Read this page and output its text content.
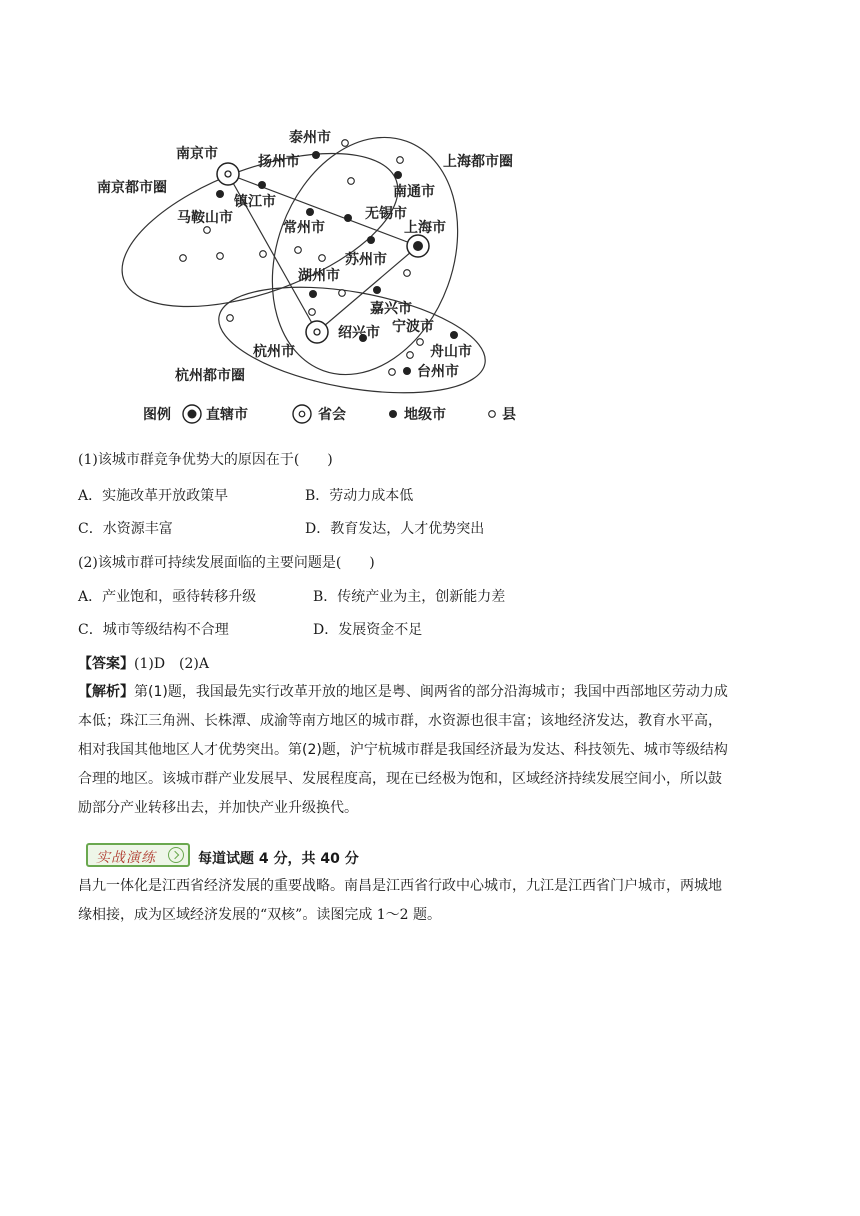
南京市
泰州市
扬州市
南京都市圈
镇江市
马鞍山市
上海都市圈
南通市
无锡市
常州市	上海市
苏州市
湖州市
嘉兴市
宁波市
绍兴市
舟山市
杭州市
台州市
杭州都市圈
图例	直辖市	省会	地级市	县
(1)该城市群竞争优势大的原因在于(　　)
A．实施改革开放政策早	B．劳动力成本低
C．水资源丰富	D．教育发达，人才优势突出
(2)该城市群可持续发展面临的主要问题是(　　)
A．产业饱和，亟待转移升级	B．传统产业为主，创新能力差
C．城市等级结构不合理	D．发展资金不足
【答案】(1)D　(2)A

【解析】第(1)题，我国最先实行改革开放的地区是粤、闽两省的部分沿海城市；我国中西部地区劳动力成

本低；珠江三角洲、长株潭、成渝等南方地区的城市群，水资源也很丰富；该地经济发达，教育水平高，

相对我国其他地区人才优势突出。第(2)题，沪宁杭城市群是我国经济最为发达、科技领先、城市等级结构

合理的地区。该城市群产业发展早、发展程度高，现在已经极为饱和，区域经济持续发展空间小，所以鼓

励部分产业转移出去，并加快产业升级换代。

实战演练	每道试题 4 分，共 40 分

昌九一体化是江西省经济发展的重要战略。南昌是江西省行政中心城市，九江是江西省门户城市，两城地

缘相接，成为区域经济发展的“双核”。读图完成 1～2 题。
